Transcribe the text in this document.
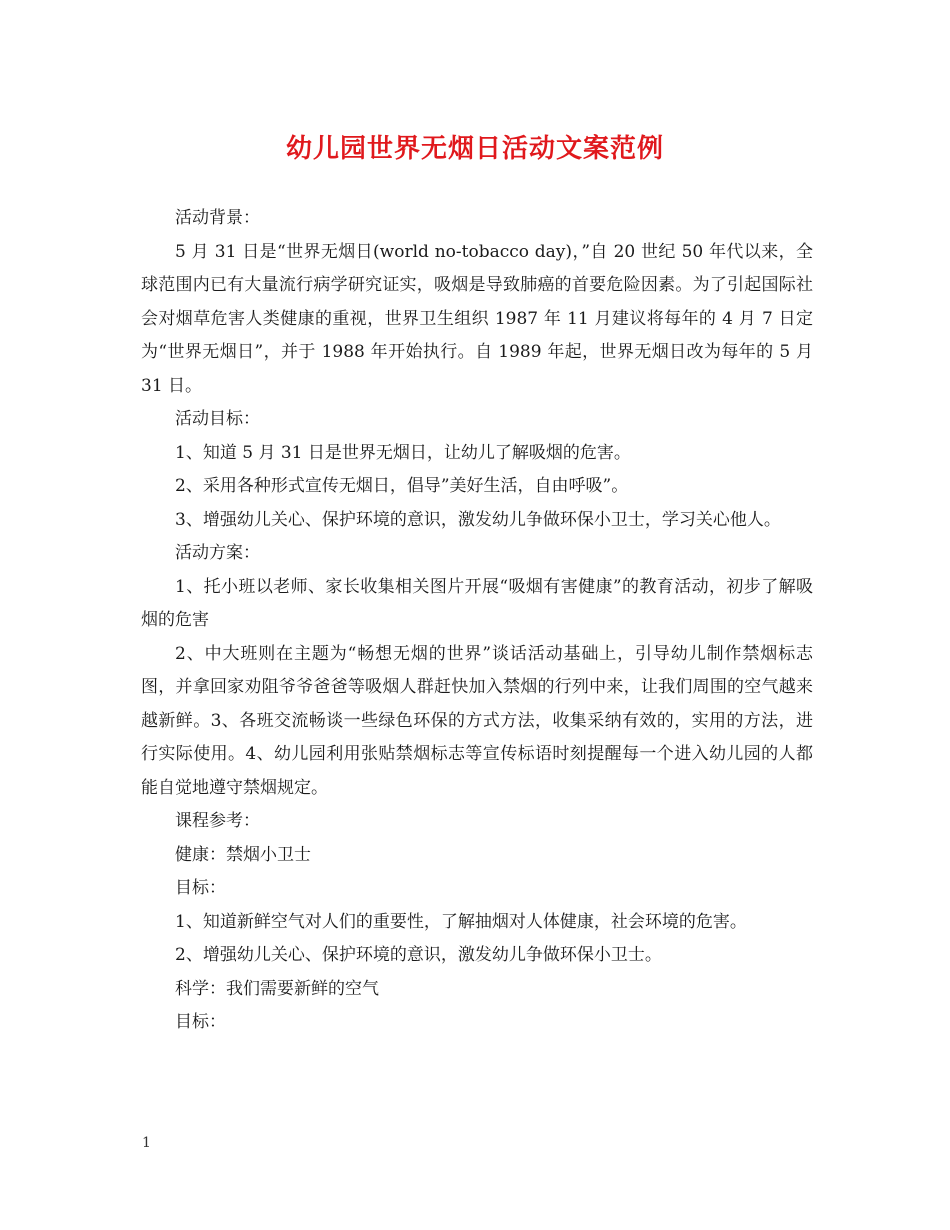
幼儿园世界无烟日活动文案范例

活动背景：

5 月 31 日是“世界无烟日(world no-tobacco day)，”自 20 世纪 50 年代以来，全球范围内已有大量流行病学研究证实，吸烟是导致肺癌的首要危险因素。为了引起国际社会对烟草危害人类健康的重视，世界卫生组织 1987 年 11 月建议将每年的 4 月 7 日定为“世界无烟日”，并于 1988 年开始执行。自 1989 年起，世界无烟日改为每年的 5 月 31 日。

活动目标：

1、知道 5 月 31 日是世界无烟日，让幼儿了解吸烟的危害。

2、采用各种形式宣传无烟日，倡导”美好生活，自由呼吸”。

3、增强幼儿关心、保护环境的意识，激发幼儿争做环保小卫士，学习关心他人。

活动方案：

1、托小班以老师、家长收集相关图片开展“吸烟有害健康”的教育活动，初步了解吸烟的危害

2、中大班则在主题为“畅想无烟的世界”谈话活动基础上，引导幼儿制作禁烟标志图，并拿回家劝阻爷爷爸爸等吸烟人群赶快加入禁烟的行列中来，让我们周围的空气越来越新鲜。3、各班交流畅谈一些绿色环保的方式方法，收集采纳有效的，实用的方法，进行实际使用。4、幼儿园利用张贴禁烟标志等宣传标语时刻提醒每一个进入幼儿园的人都能自觉地遵守禁烟规定。

课程参考：

健康：禁烟小卫士

目标：

1、知道新鲜空气对人们的重要性，了解抽烟对人体健康，社会环境的危害。

2、增强幼儿关心、保护环境的意识，激发幼儿争做环保小卫士。

科学：我们需要新鲜的空气

目标：

1
